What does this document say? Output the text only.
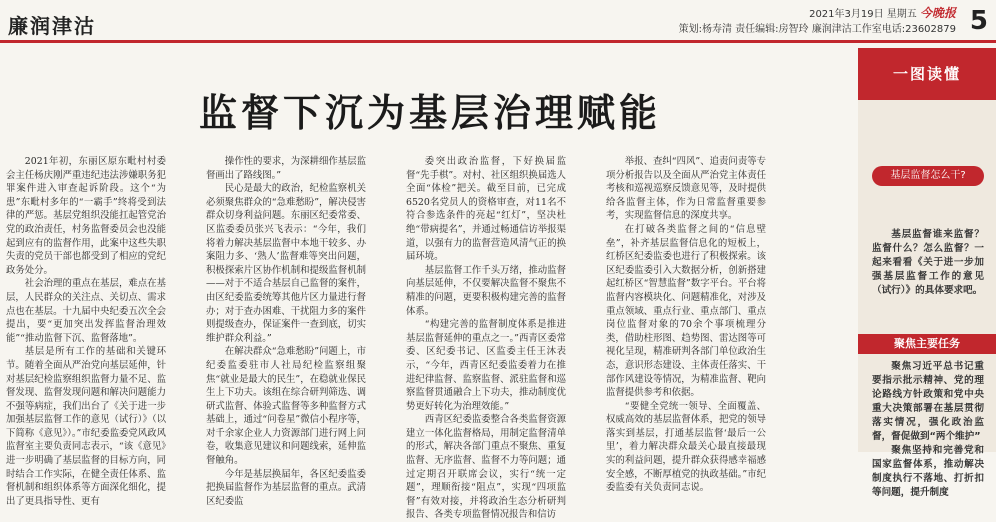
廉润津沽	2021年3月19日 星期五 今晚报
策划:杨寿清 责任编辑:房智玲 廉润津沽工作室电话:23602879 5
监督下沉为基层治理赋能

2021年初，东丽区原东毗村村委会主任杨庆刚严重违纪违法涉嫌职务犯罪案件进入审查起诉阶段。这个“为患”东毗村多年的“一霸手”终将受到法律的严惩。基层党组织没能扛起管党治党的政治责任，村务监督委员会也没能起到应有的监督作用，此案中这些失职失责的党员干部也都受到了相应的党纪政务处分。

社会治理的重点在基层，难点在基层，人民群众的关注点、关切点、需求点也在基层。十九届中央纪委五次全会提出，要“更加突出发挥监督治理效能”“推动监督下沉、监督落地”。

基层是所有工作的基础和关键环节。随着全面从严治党向基层延伸，针对基层纪检监察组织监督力量不足、监督发现、监督发现问题和解决问题能力不强等病症，我们出台了《关于进一步加强基层监督工作的意见（试行）》（以下简称《意见》）。”市纪委监委党风政风监督室主要负责同志表示，“该《意见》进一步明确了基层监督的目标方向，同时结合工作实际，在健全责任体系、监督机制和组织体系等方面深化细化，提出了更具指导性、更有

操作性的要求，为深耕细作基层监督画出了路线图。”

民心是最大的政治，纪检监察机关必须聚焦群众的“急难愁盼”，解决侵害群众切身利益问题。东丽区纪委常委、区监委委员张兴飞表示：“今年，我们将着力解决基层监督中本地干较多、办案阻力多、‘熟人’监督难等突出问题，积极探索片区协作机制和提级监督机制——对于不适合基层自己监督的案件，由区纪委监委统筹其他片区力量进行督办；对于查办困难、干扰阻力多的案件则提级查办，保证案件一查到底，切实维护群众利益。”

在解决群众“急难愁盼”问题上，市纪委监委驻市人社局纪检监察组聚焦“就业是最大的民生”，在稳就业保民生上下功夫。该组在综合研判筛选、调研式监督、体验式监督等多种监督方式基础上，通过“问卷星”微信小程序等，对千余家企业人力资源部门进行网上问卷，收集意见建议和问题线索，延伸监督触角。

今年是基层换届年，各区纪委监委把换届监督作为基层监督的重点。武清区纪委监

委突出政治监督，下好换届监督“先手棋”。对村、社区组织换届选人全面“体检”把关。截至目前，已完成6520名党员人的资格审查，对11名不符合参选条件的亮起“红灯”，坚决杜绝“带病提名”，并通过畅通信访举报渠道，以强有力的监督营造风清气正的换届环境。

基层监督工作千头万绪，推动监督向基层延伸，不仅要解决监督不聚焦不精准的问题，更要积极构建完善的监督体系。

“构建完善的监督制度体系是推进基层监督延伸的重点之一。”西青区委常委、区纪委书记、区监委主任王沐表示，“今年，西青区纪委监委着力在推进纪律监督、监察监督、派驻监督和巡察监督贯通融合上下功夫，推动制度优势更好转化为治理效能。”

西青区纪委监委整合各类监督资源建立一体化监督格局，用制定监督清单的形式，解决各部门重点不聚焦、重复监督、无序监督、监督不力等问题；通过定期召开联席会议，实行“统一定题”，理顺衔接“阻点”，实现“四项监督”有效对接，并将政治生态分析研判报告、各类专项监督情况报告和信访

举报、查纠“四风”、追责问责等专项分析报告以及全面从严治党主体责任考核和巡视巡察反馈意见等，及时提供给各监督主体，作为日常监督重要参考，实现监督信息的深度共享。

在打破各类监督之间的“信息壁垒”，补齐基层监督信息化的短板上，红桥区纪委监委也进行了积极探索。该区纪委监委引入大数据分析，创新搭建起红桥区“智慧监督”数字平台。平台将监督内容模块化、问题精准化，对涉及重点领域、重点行业、重点部门、重点岗位监督对象的70余个事项梳理分类，借助柱形图、趋势图、雷达图等可视化呈现，精准研判各部门单位政治生态，意识形态建设、主体责任落实、干部作风建设等情况，为精准监督、靶向监督提供参考和依据。

“要健全党统一领导、全面覆盖、权威高效的基层监督体系，把党的领导落实到基层，打通基层监督‘最后一公里’，着力解决群众最关心最直接最现实的利益问题，提升群众获得感幸福感安全感，不断厚植党的执政基础。”市纪委监委有关负责同志说。

一图读懂
基层监督怎么干?

基层监督谁来监督？监督什么？怎么监督？一起来看看《关于进一步加强基层监督工作的意见（试行）》的具体要求吧。

聚焦主要任务

聚焦习近平总书记重要指示批示精神、党的理论路线方针政策和党中央重大决策部署在基层贯彻落实情况，强化政治监督，督促做到“两个维护”

聚焦坚持和完善党和国家监督体系，推动解决制度执行不落地、打折扣等问题，提升制度
